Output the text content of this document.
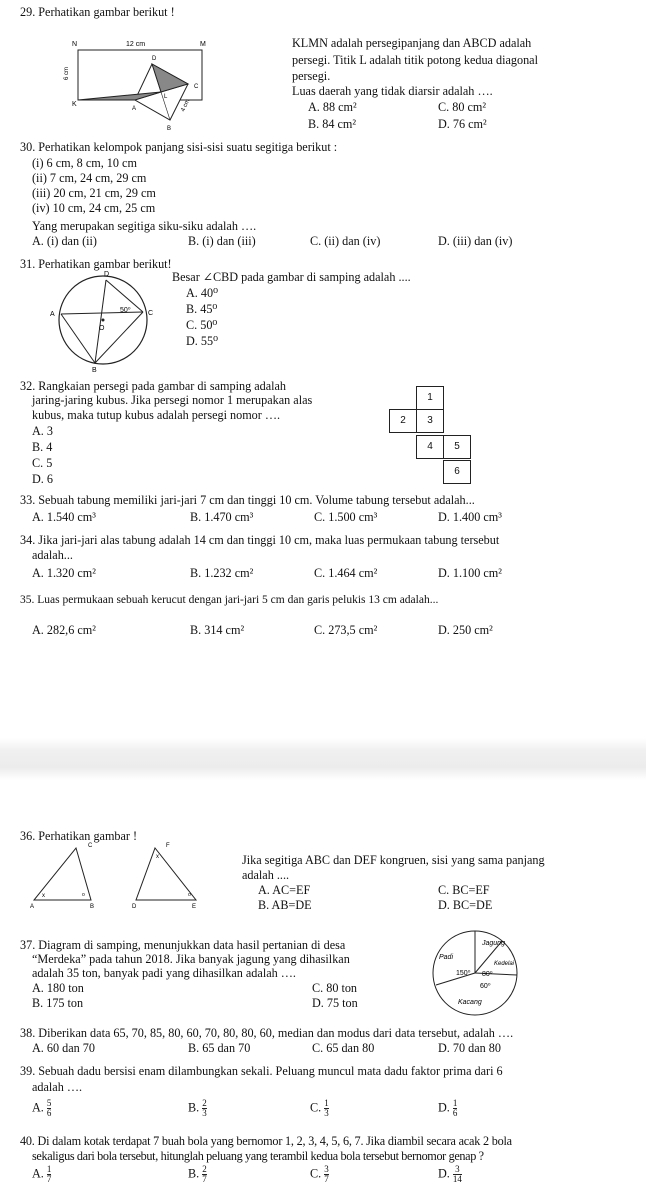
29. Perhatikan gambar berikut !
N	12 cm	M
D
6 cm
C
L
K
A	4 cm
B
KLMN adalah persegipanjang dan ABCD adalah
persegi. Titik L adalah titik potong kedua diagonal
persegi.
Luas daerah yang tidak diarsir adalah ….
A. 88 cm²	C. 80 cm²
B. 84 cm²	D. 76 cm²
30. Perhatikan kelompok panjang sisi-sisi suatu segitiga berikut :
(i) 6 cm, 8 cm, 10 cm
(ii) 7 cm, 24 cm, 29 cm
(iii) 20 cm, 21 cm, 29 cm
(iv) 10 cm, 24 cm, 25 cm
Yang merupakan segitiga siku-siku adalah ….
A. (i) dan (ii)	B. (i) dan (iii)	C. (ii) dan (iv)	D. (iii) dan (iv)
31. Perhatikan gambar berikut!
D
50⁰ C
A
O
B
Besar ∠CBD pada gambar di samping adalah ....
A. 40⁰
B. 45⁰
C. 50⁰
D. 55⁰
32. Rangkaian persegi pada gambar di samping adalah
jaring-jaring kubus. Jika persegi nomor 1 merupakan alas
kubus, maka tutup kubus adalah persegi nomor ….
A. 3
B. 4
C. 5
D. 6
1
2	3
4	5
6
33. Sebuah tabung memiliki jari-jari 7 cm dan tinggi 10 cm. Volume tabung tersebut adalah...
A. 1.540 cm³	B. 1.470 cm³	C. 1.500 cm³	D. 1.400 cm³
34. Jika jari-jari alas tabung adalah 14 cm dan tinggi 10 cm, maka luas permukaan tabung tersebut
adalah...
A. 1.320 cm²	B. 1.232 cm²	C. 1.464 cm²	D. 1.100 cm²
35. Luas permukaan sebuah kerucut dengan jari-jari 5 cm dan garis pelukis 13 cm adalah...
A. 282,6 cm²	B. 314 cm²	C. 273,5 cm²	D. 250 cm²
36. Perhatikan gambar !
C
A	B
x	o
F
x
D
o
E
Jika segitiga ABC dan DEF kongruen, sisi yang sama panjang
adalah ....
A. AC=EF	C. BC=EF
B. AB=DE	D. BC=DE
37. Diagram di samping, menunjukkan data hasil pertanian di desa
“Merdeka” pada tahun 2018. Jika banyak jagung yang dihasilkan
adalah 35 ton, banyak padi yang dihasilkan adalah ….
A. 180 ton	C. 80 ton
B. 175 ton	D. 75 ton
Jagung
Padi
Kedelai
150⁰ 80⁰
60⁰
Kacang
38. Diberikan data 65, 70, 85, 80, 60, 70, 80, 80, 60, median dan modus dari data tersebut, adalah ….
A. 60 dan 70	B. 65 dan 70	C. 65 dan 80	D. 70 dan 80
39. Sebuah dadu bersisi enam dilambungkan sekali. Peluang muncul mata dadu faktor prima dari 6
adalah ….
A. $\frac{5}{6}$	B. $\frac{2}{3}$	C. $\frac{1}{3}$	D. $\frac{1}{6}$
40. Di dalam kotak terdapat 7 buah bola yang bernomor 1, 2, 3, 4, 5, 6, 7. Jika diambil secara acak 2 bola
sekaligus dari bola tersebut, hitunglah peluang yang terambil kedua bola tersebut bernomor genap ?
A. $\frac{1}{7}$	B. $\frac{2}{7}$	C. $\frac{3}{7}$	D. $\frac{3}{14}$
